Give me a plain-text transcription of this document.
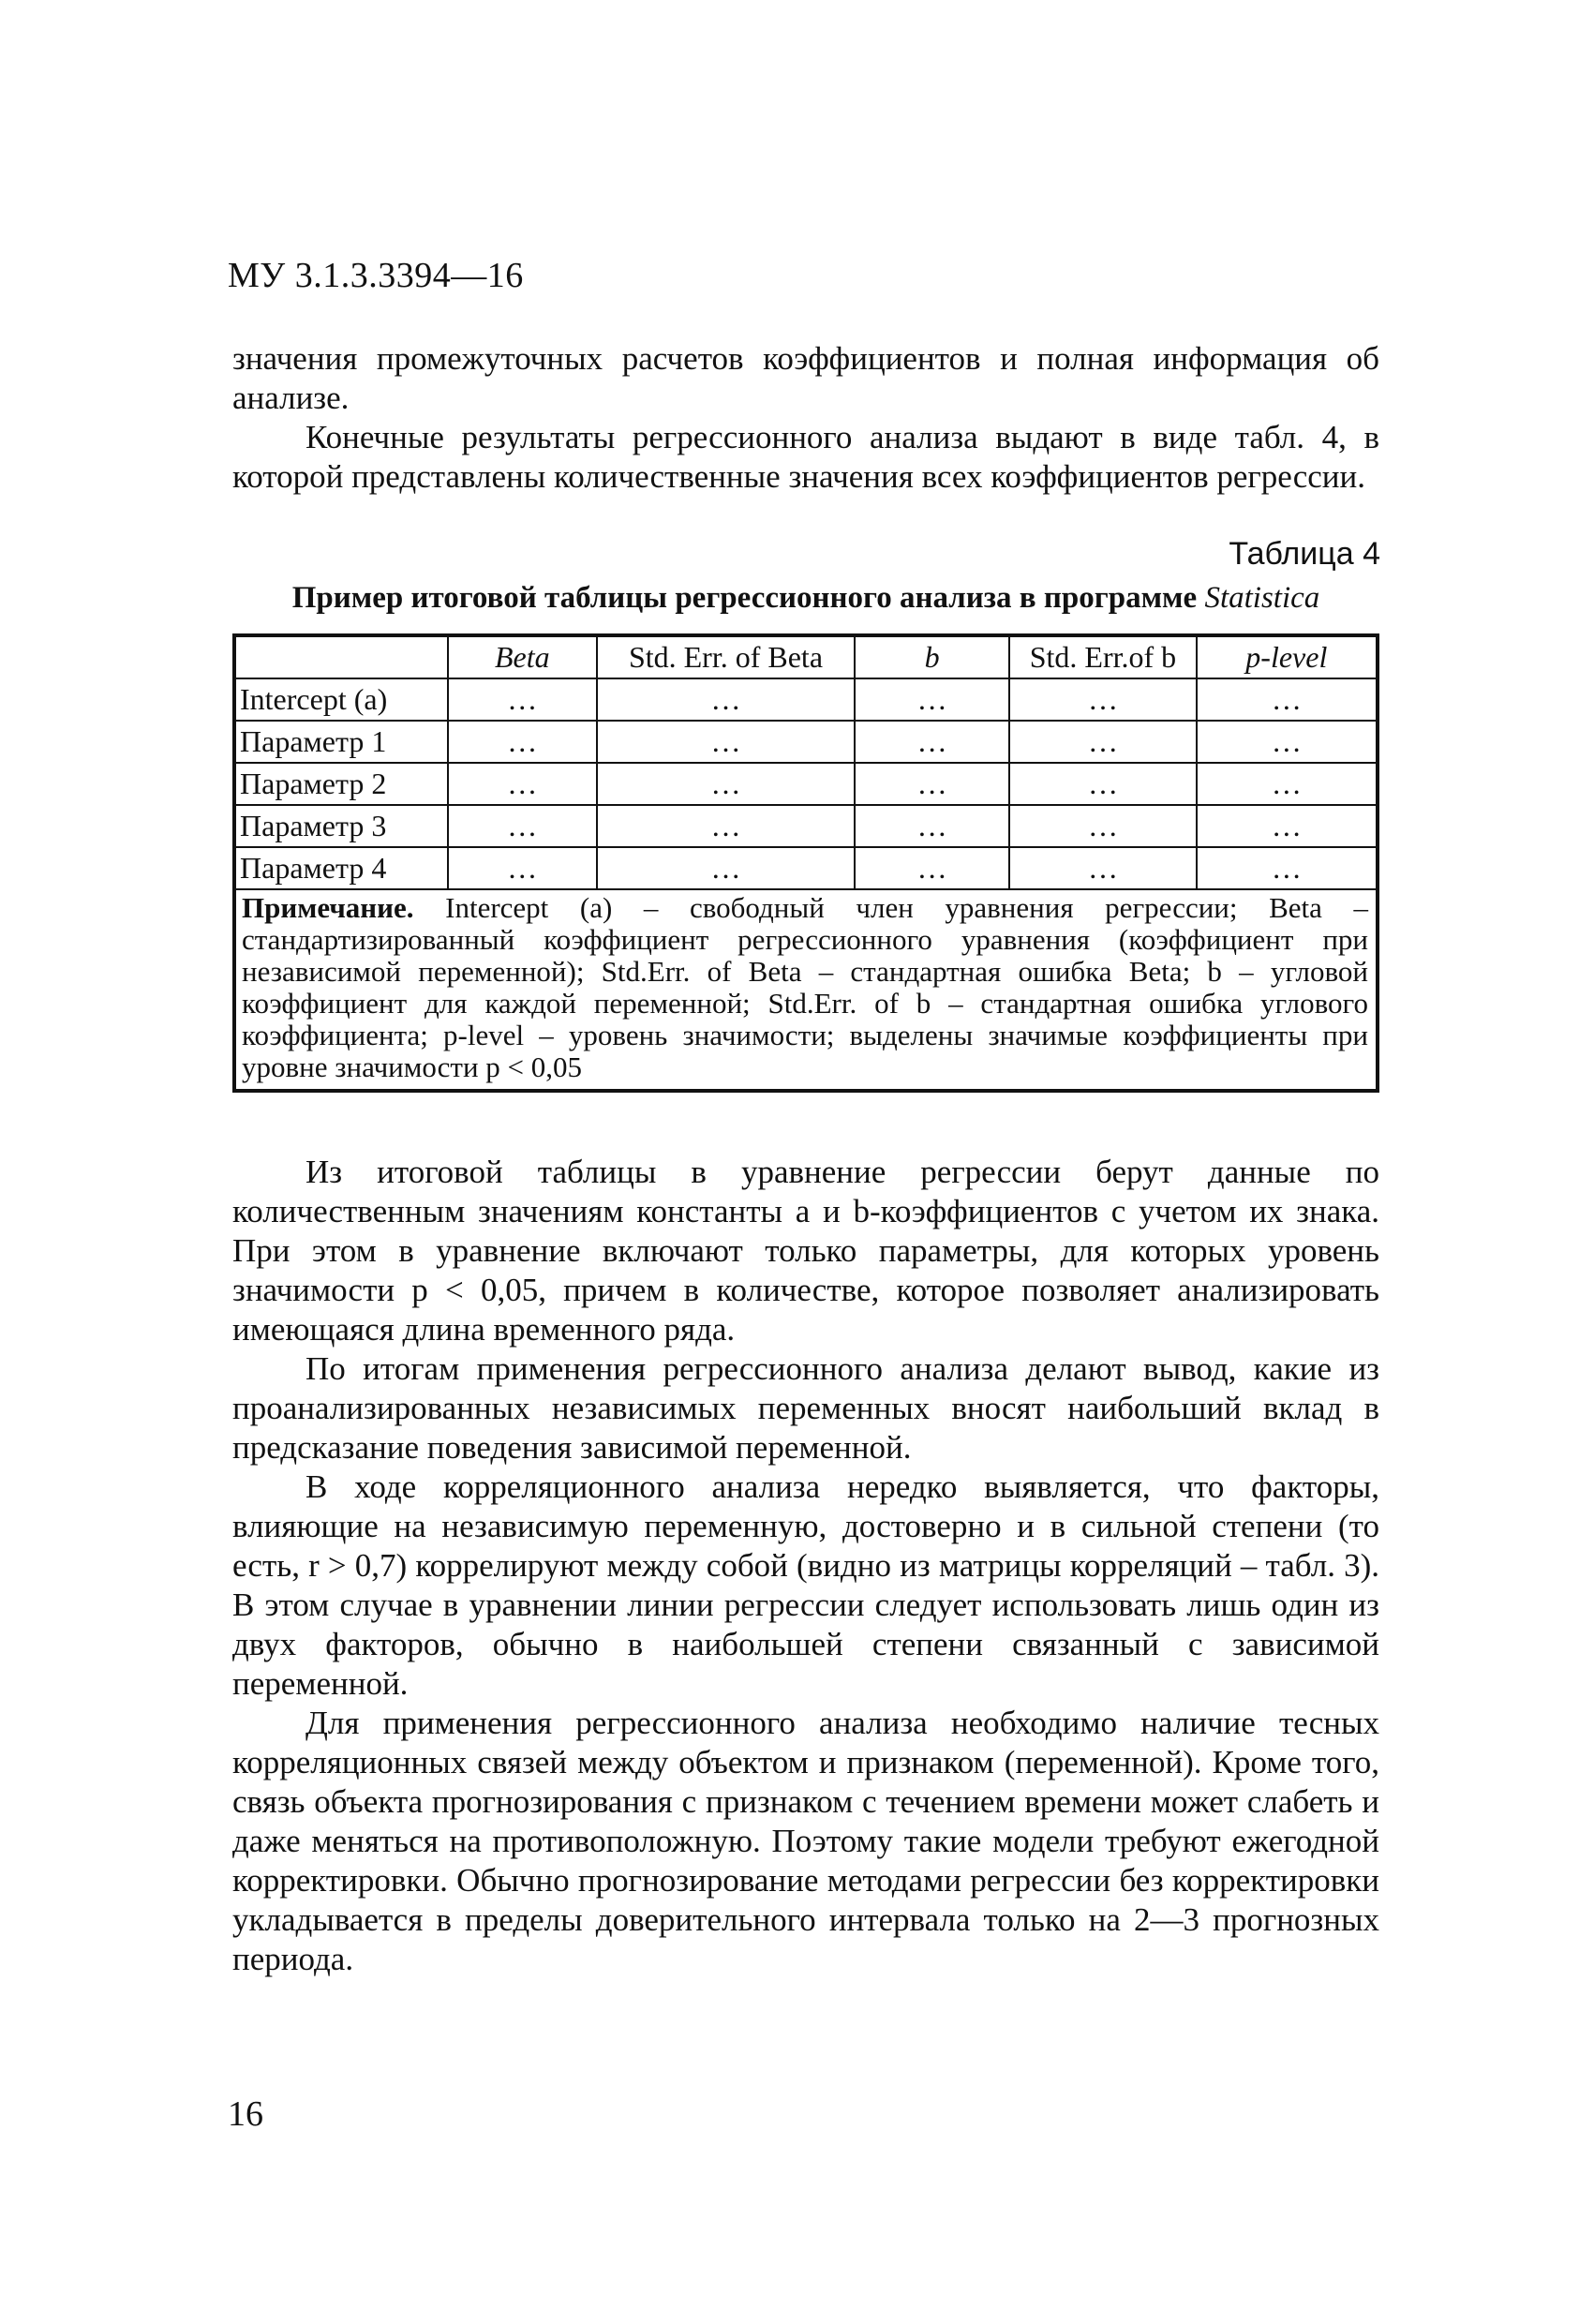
МУ 3.1.3.3394—16

значения промежуточных расчетов коэффициентов и полная информация об анализе.

Конечные результаты регрессионного анализа выдают в виде табл. 4, в которой представлены количественные значения всех коэффициентов регрессии.

Таблица 4
Пример итоговой таблицы регрессионного анализа в программе Statistica
	Beta	Std. Err. of Beta	b	Std. Err.of b	p-level
Intercept (a)	…	…	…	…	…
Параметр 1	…	…	…	…	…
Параметр 2	…	…	…	…	…
Параметр 3	…	…	…	…	…
Параметр 4	…	…	…	…	…
Примечание. Intercept (a) – свободный член уравнения регрессии; Beta – стандартизированный коэффициент регрессионного уравнения (коэффициент при независимой переменной); Std.Err. of Beta – стандартная ошибка Beta; b – угловой коэффициент для каждой переменной; Std.Err. of b – стандартная ошибка углового коэффициента; p-level – уровень значимости; выделены значимые коэффициенты при уровне значимости p < 0,05					

Из итоговой таблицы в уравнение регрессии берут данные по количественным значениям константы a и b-коэффициентов с учетом их знака. При этом в уравнение включают только параметры, для которых уровень значимости p < 0,05, причем в количестве, которое позволяет анализировать имеющаяся длина временного ряда.

По итогам применения регрессионного анализа делают вывод, какие из проанализированных независимых переменных вносят наибольший вклад в предсказание поведения зависимой переменной.

В ходе корреляционного анализа нередко выявляется, что факторы, влияющие на независимую переменную, достоверно и в сильной степени (то есть, r > 0,7) коррелируют между собой (видно из матрицы корреляций – табл. 3). В этом случае в уравнении линии регрессии следует использовать лишь один из двух факторов, обычно в наибольшей степени связанный с зависимой переменной.

Для применения регрессионного анализа необходимо наличие тесных корреляционных связей между объектом и признаком (переменной). Кроме того, связь объекта прогнозирования с признаком с течением времени может слабеть и даже меняться на противоположную. Поэтому такие модели требуют ежегодной корректировки. Обычно прогнозирование методами регрессии без корректировки укладывается в пределы доверительного интервала только на 2—3 прогнозных периода.

16
